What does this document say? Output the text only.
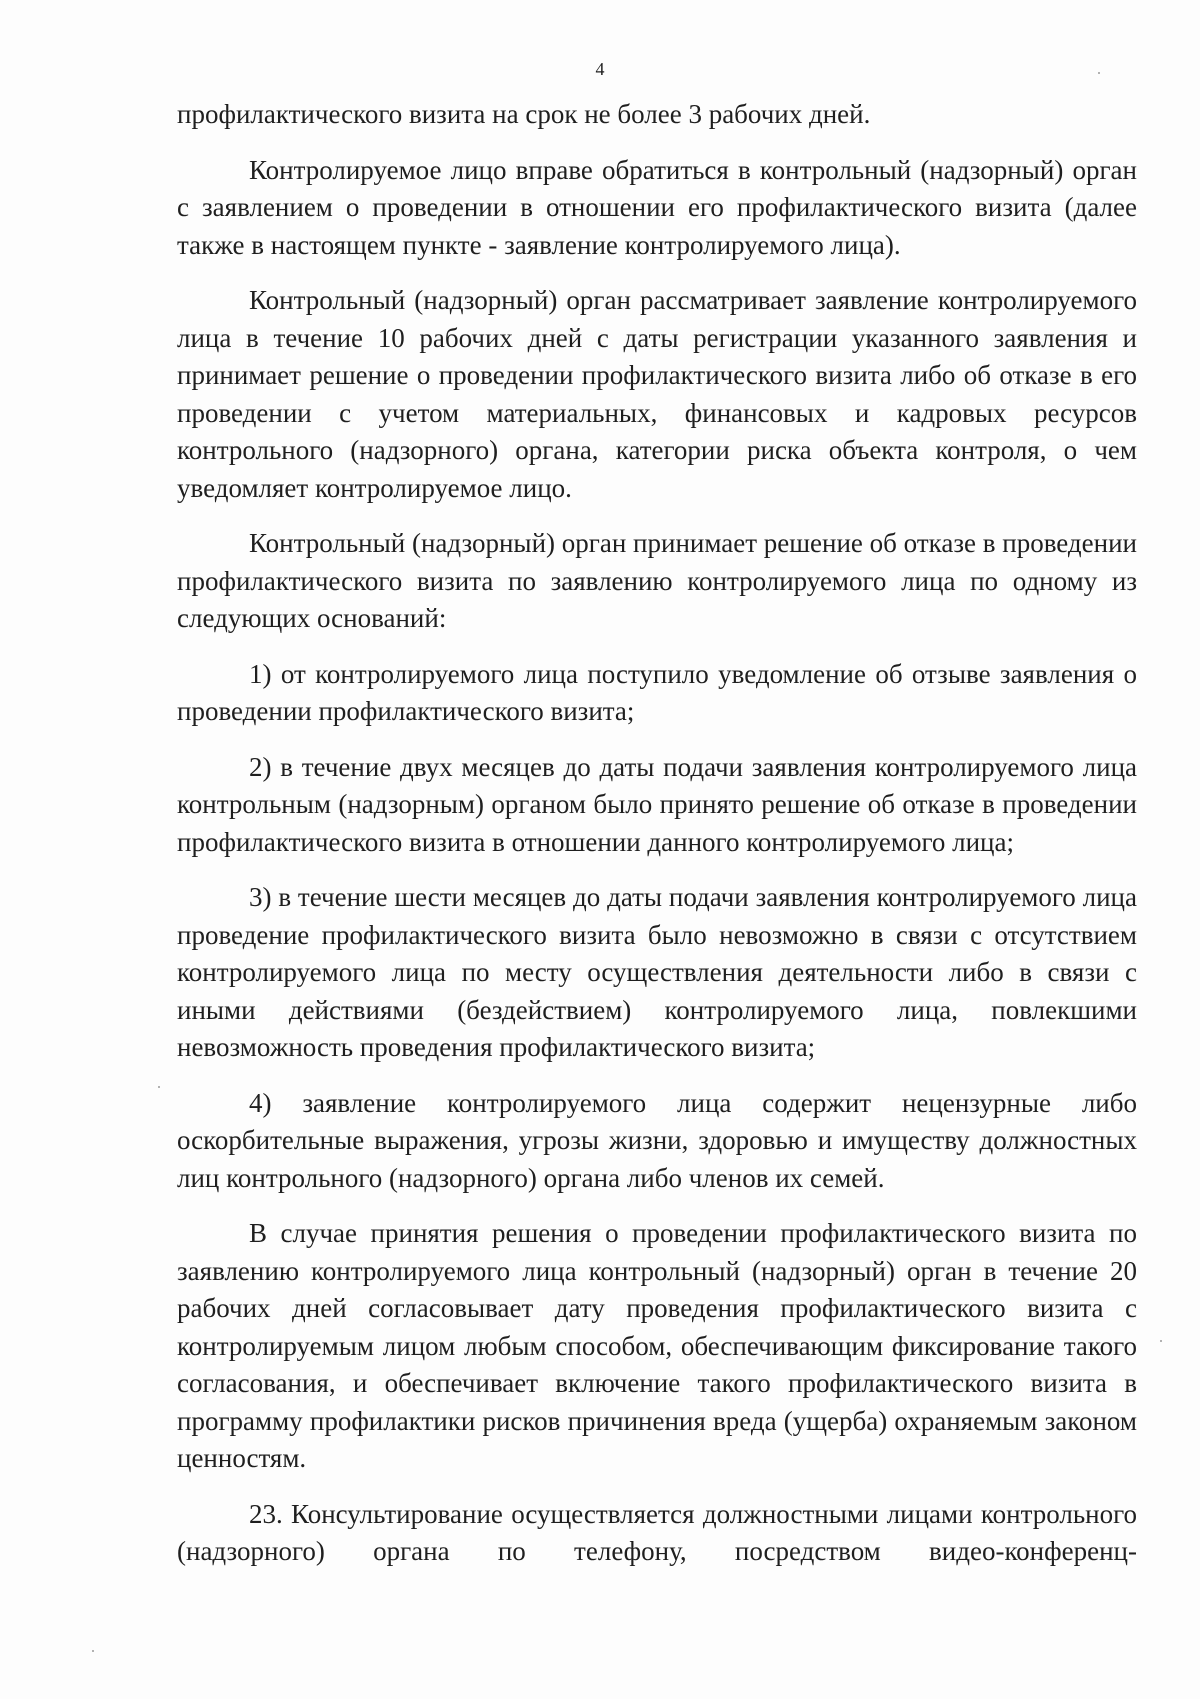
4

профилактического визита на срок не более 3 рабочих дней.

Контролируемое лицо вправе обратиться в контрольный (надзорный) орган с заявлением о проведении в отношении его профилактического визита (далее также в настоящем пункте - заявление контролируемого лица).

Контрольный (надзорный) орган рассматривает заявление контролируемого лица в течение 10 рабочих дней с даты регистрации указанного заявления и принимает решение о проведении профилактического визита либо об отказе в его проведении с учетом материальных, финансовых и кадровых ресурсов контрольного (надзорного) органа, категории риска объекта контроля, о чем уведомляет контролируемое лицо.

Контрольный (надзорный) орган принимает решение об отказе в проведении профилактического визита по заявлению контролируемого лица по одному из следующих оснований:

1) от контролируемого лица поступило уведомление об отзыве заявления о проведении профилактического визита;

2) в течение двух месяцев до даты подачи заявления контролируемого лица контрольным (надзорным) органом было принято решение об отказе в проведении профилактического визита в отношении данного контролируемого лица;

3) в течение шести месяцев до даты подачи заявления контролируемого лица проведение профилактического визита было невозможно в связи с отсутствием контролируемого лица по месту осуществления деятельности либо в связи с иными действиями (бездействием) контролируемого лица, повлекшими невозможность проведения профилактического визита;

4) заявление контролируемого лица содержит нецензурные либо оскорбительные выражения, угрозы жизни, здоровью и имуществу должностных лиц контрольного (надзорного) органа либо членов их семей.

В случае принятия решения о проведении профилактического визита по заявлению контролируемого лица контрольный (надзорный) орган в течение 20 рабочих дней согласовывает дату проведения профилактического визита с контролируемым лицом любым способом, обеспечивающим фиксирование такого согласования, и обеспечивает включение такого профилактического визита в программу профилактики рисков причинения вреда (ущерба) охраняемым законом ценностям.

23. Консультирование осуществляется должностными лицами контрольного (надзорного) органа по телефону, посредством видео-конференц-
